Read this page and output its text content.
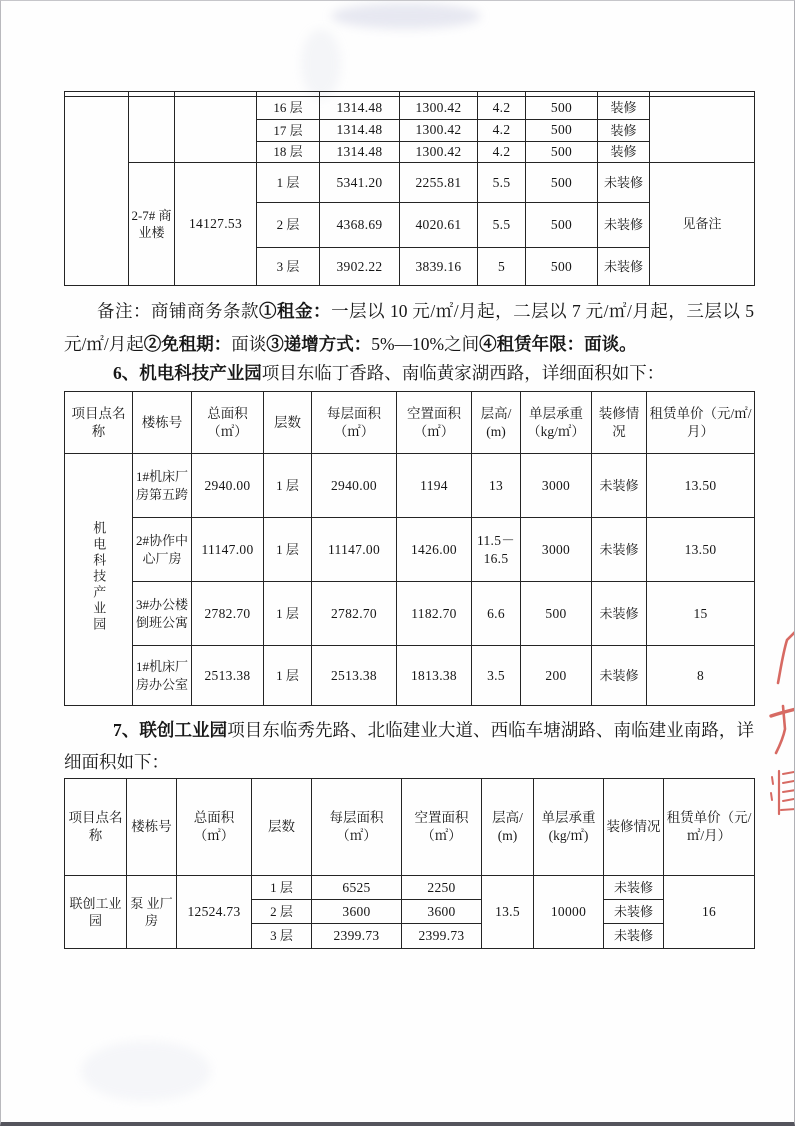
			16 层	1314.48	1300.42	4.2	500	装修	
			17 层	1314.48	1300.42	4.2	500	装修	
			18 层	1314.48	1300.42	4.2	500	装修	
	2-7# 商业楼	14127.53	1 层	5341.20	2255.81	5.5	500	未装修	见备注
			2 层	4368.69	4020.61	5.5	500	未装修	
			3 层	3902.22	3839.16	5	500	未装修	

备注：商铺商务条款①租金：一层以 10 元/㎡/月起，二层以 7 元/㎡/月起，三层以 5 元/㎡/月起②免租期：面谈③递增方式：5%—10%之间④租赁年限：面谈。

6、机电科技产业园项目东临丁香路、南临黄家湖西路，详细面积如下：

项目点名称	楼栋号	总面积（㎡）	层数	每层面积（㎡）	空置面积（㎡）	层高/(m)	单层承重（kg/㎡）	装修情况	租赁单价（元/㎡/月）
机电科技产业园	1#机床厂房第五跨	2940.00	1 层	2940.00	1194	13	3000	未装修	13.50
	2#协作中心厂房	11147.00	1 层	11147.00	1426.00	11.5－16.5	3000	未装修	13.50
	3#办公楼倒班公寓	2782.70	1 层	2782.70	1182.70	6.6	500	未装修	15
	1#机床厂房办公室	2513.38	1 层	2513.38	1813.38	3.5	200	未装修	8

7、联创工业园项目东临秀先路、北临建业大道、西临车塘湖路、南临建业南路，详细面积如下：

项目点名称	楼栋号	总面积（㎡）	层数	每层面积（㎡）	空置面积（㎡）	层高/(m)	单层承重(kg/㎡)	装修情况	租赁单价（元/㎡/月）
联创工业园	泵 业厂房	12524.73	1 层	6525	2250	13.5	10000	未装修	16
			2 层	3600	3600			未装修	
			3 层	2399.73	2399.73			未装修	
